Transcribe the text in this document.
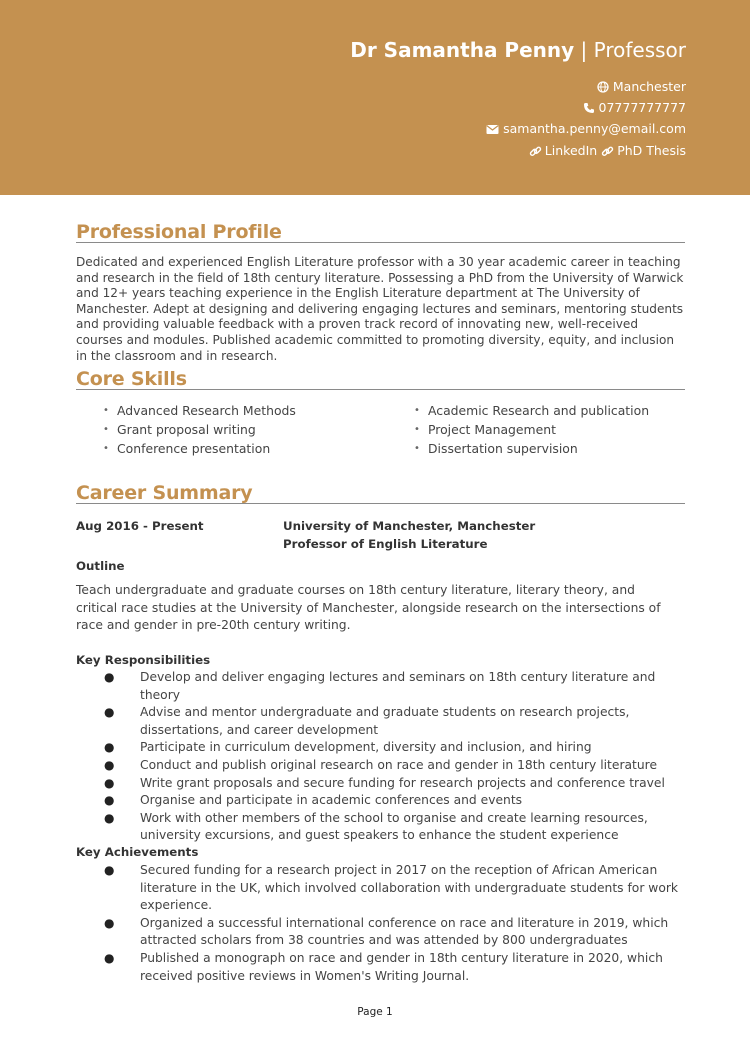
Dr Samantha Penny | Professor
Manchester
07777777777
samantha.penny@email.com
LinkedIn PhD Thesis
Professional Profile
Dedicated and experienced English Literature professor with a 30 year academic career in teaching and research in the field of 18th century literature. Possessing a PhD from the University of Warwick and 12+ years teaching experience in the English Literature department at The University of Manchester. Adept at designing and delivering engaging lectures and seminars, mentoring students and providing valuable feedback with a proven track record of innovating new, well-received courses and modules. Published academic committed to promoting diversity, equity, and inclusion in the classroom and in research.
Core Skills
• Advanced Research Methods
• Grant proposal writing
• Conference presentation
• Academic Research and publication
• Project Management
• Dissertation supervision
Career Summary
Aug 2016 - Present	University of Manchester, Manchester
Professor of English Literature
Outline
Teach undergraduate and graduate courses on 18th century literature, literary theory, and critical race studies at the University of Manchester, alongside research on the intersections of race and gender in pre-20th century writing.
Key Responsibilities
● Develop and deliver engaging lectures and seminars on 18th century literature and theory
● Advise and mentor undergraduate and graduate students on research projects, dissertations, and career development
● Participate in curriculum development, diversity and inclusion, and hiring
● Conduct and publish original research on race and gender in 18th century literature
● Write grant proposals and secure funding for research projects and conference travel
● Organise and participate in academic conferences and events
● Work with other members of the school to organise and create learning resources, university excursions, and guest speakers to enhance the student experience
Key Achievements
● Secured funding for a research project in 2017 on the reception of African American literature in the UK, which involved collaboration with undergraduate students for work experience.
● Organized a successful international conference on race and literature in 2019, which attracted scholars from 38 countries and was attended by 800 undergraduates
● Published a monograph on race and gender in 18th century literature in 2020, which received positive reviews in Women's Writing Journal.
Page 1
